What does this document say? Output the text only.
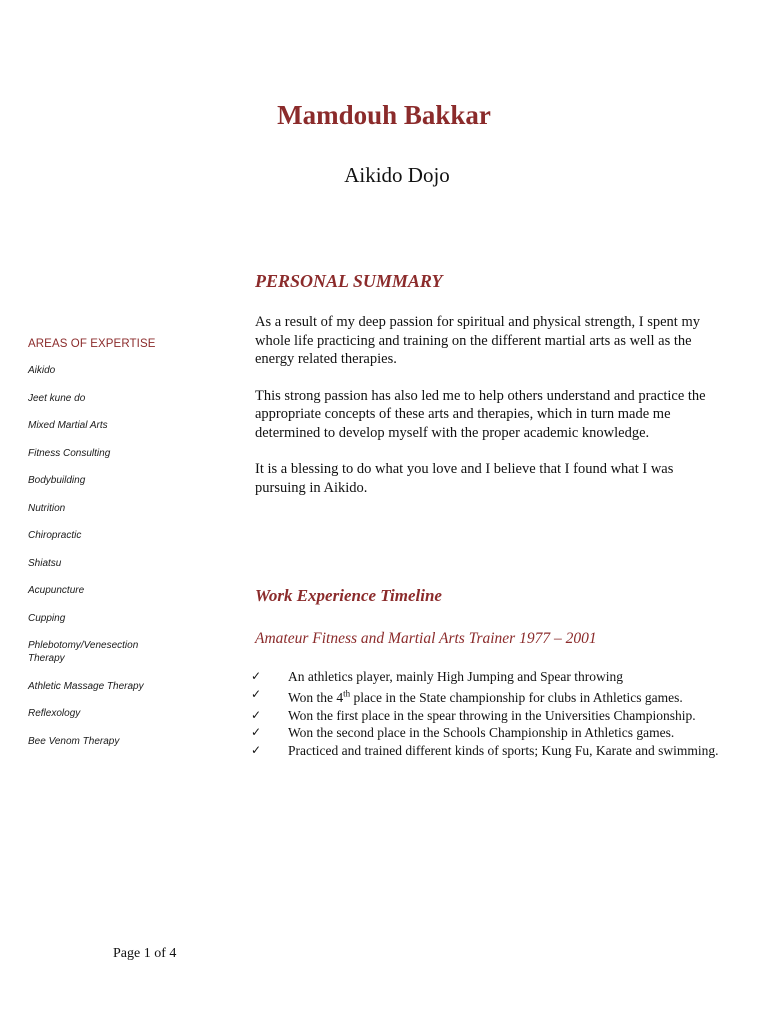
Mamdouh Bakkar
Aikido Dojo
PERSONAL SUMMARY

As a result of my deep passion for spiritual and physical strength, I spent my whole life practicing and training on the different martial arts as well as the energy related therapies.

This strong passion has also led me to help others understand and practice the appropriate concepts of these arts and therapies, which in turn made me determined to develop myself with the proper academic knowledge.

It is a blessing to do what you love and I believe that I found what I was pursuing in Aikido.

AREAS OF EXPERTISE
Aikido
Jeet kune do
Mixed Martial Arts
Fitness Consulting
Bodybuilding
Nutrition
Chiropractic
Shiatsu
Acupuncture
Cupping
Phlebotomy/Venesection Therapy
Athletic Massage Therapy
Reflexology
Bee Venom Therapy
Work Experience Timeline
Amateur Fitness and Martial Arts Trainer 1977 – 2001
✓ An athletics player, mainly High Jumping and Spear throwing
✓ Won the 4th place in the State championship for clubs in Athletics games.
✓ Won the first place in the spear throwing in the Universities Championship.
✓ Won the second place in the Schools Championship in Athletics games.
✓ Practiced and trained different kinds of sports; Kung Fu, Karate and swimming.
Page 1 of 4
